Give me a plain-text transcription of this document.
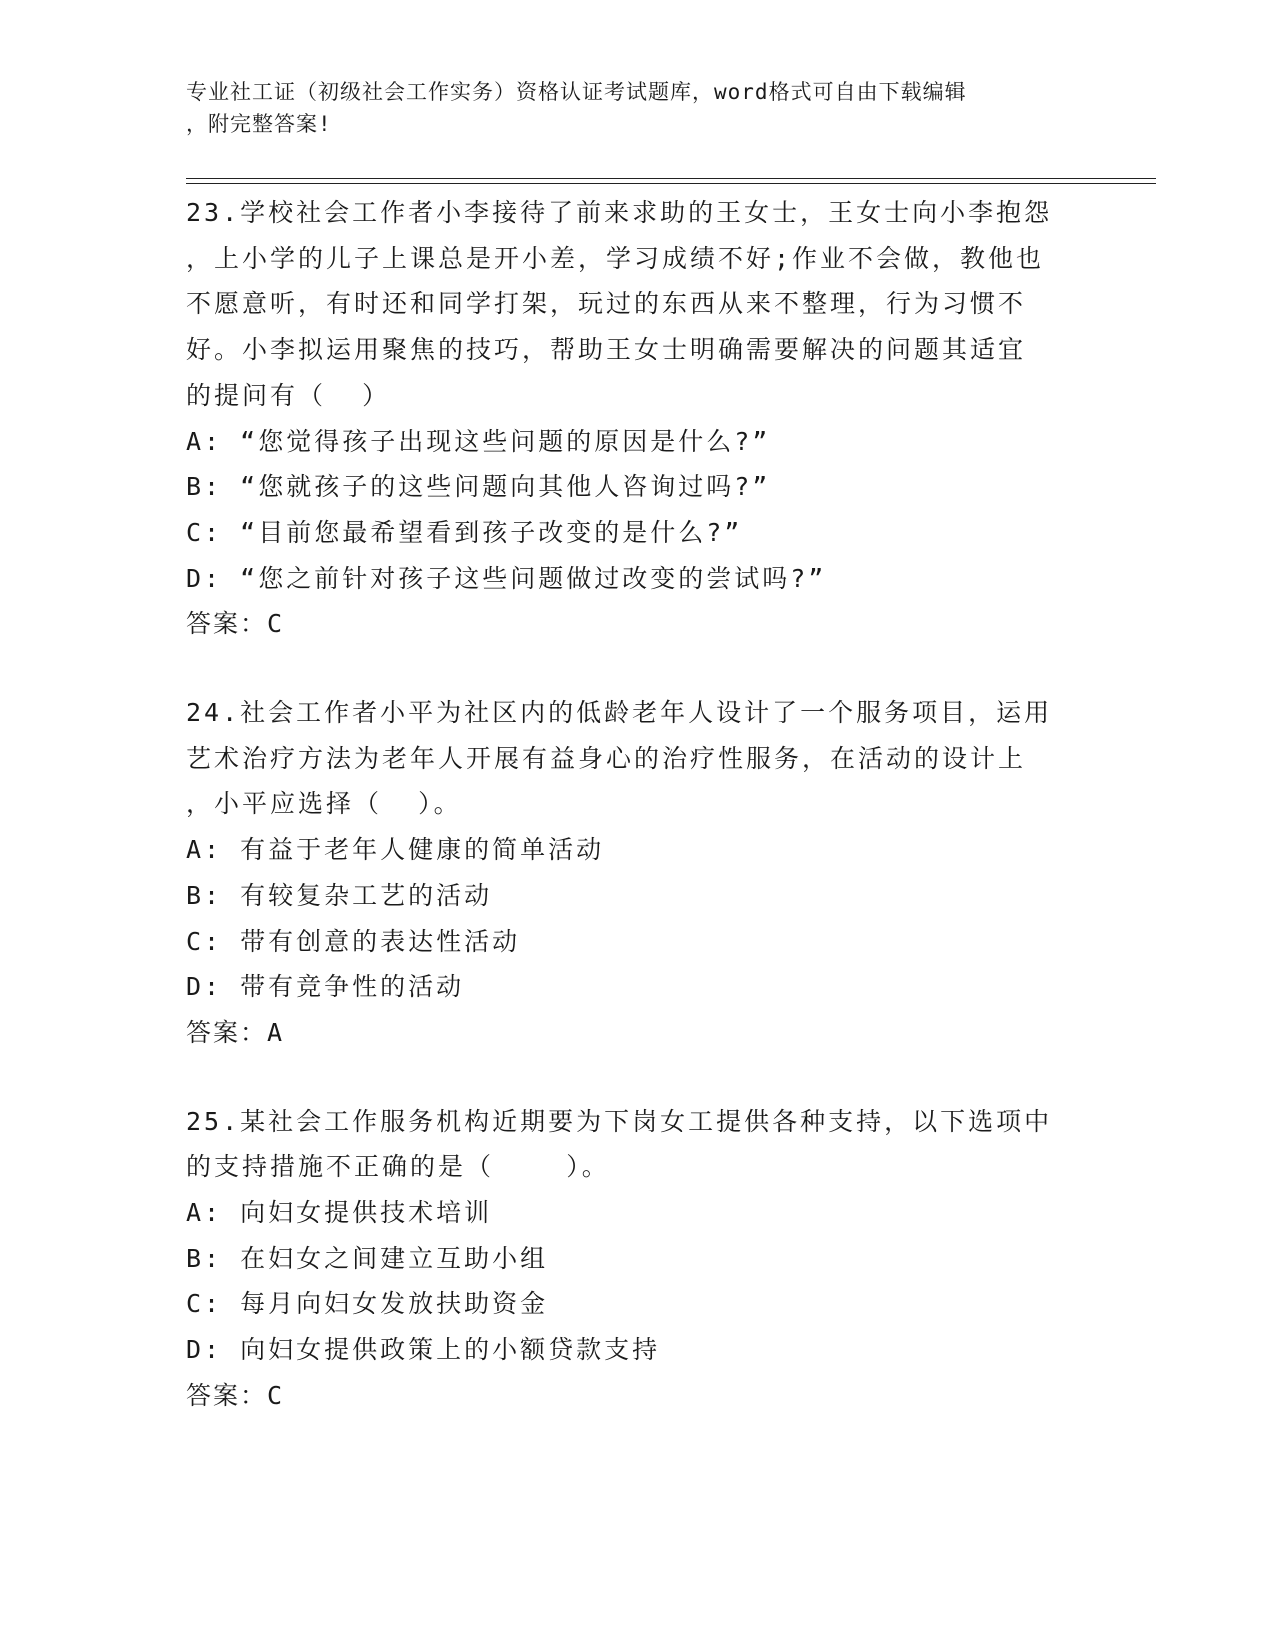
专业社工证（初级社会工作实务）资格认证考试题库，word格式可自由下载编辑
，附完整答案!
23.学校社会工作者小李接待了前来求助的王女士，王女士向小李抱怨
，上小学的儿子上课总是开小差，学习成绩不好;作业不会做，教他也
不愿意听，有时还和同学打架，玩过的东西从来不整理，行为习惯不
好。小李拟运用聚焦的技巧，帮助王女士明确需要解决的问题其适宜
的提问有（  ）
A: “您觉得孩子出现这些问题的原因是什么?”
B: “您就孩子的这些问题向其他人咨询过吗?”
C: “目前您最希望看到孩子改变的是什么?”
D: “您之前针对孩子这些问题做过改变的尝试吗?”
答案：C
24.社会工作者小平为社区内的低龄老年人设计了一个服务项目，运用
艺术治疗方法为老年人开展有益身心的治疗性服务，在活动的设计上
，小平应选择（  ）。
A: 有益于老年人健康的简单活动
B: 有较复杂工艺的活动
C: 带有创意的表达性活动
D: 带有竞争性的活动
答案：A
25.某社会工作服务机构近期要为下岗女工提供各种支持，以下选项中
的支持措施不正确的是（    ）。
A: 向妇女提供技术培训
B: 在妇女之间建立互助小组
C: 每月向妇女发放扶助资金
D: 向妇女提供政策上的小额贷款支持
答案：C
